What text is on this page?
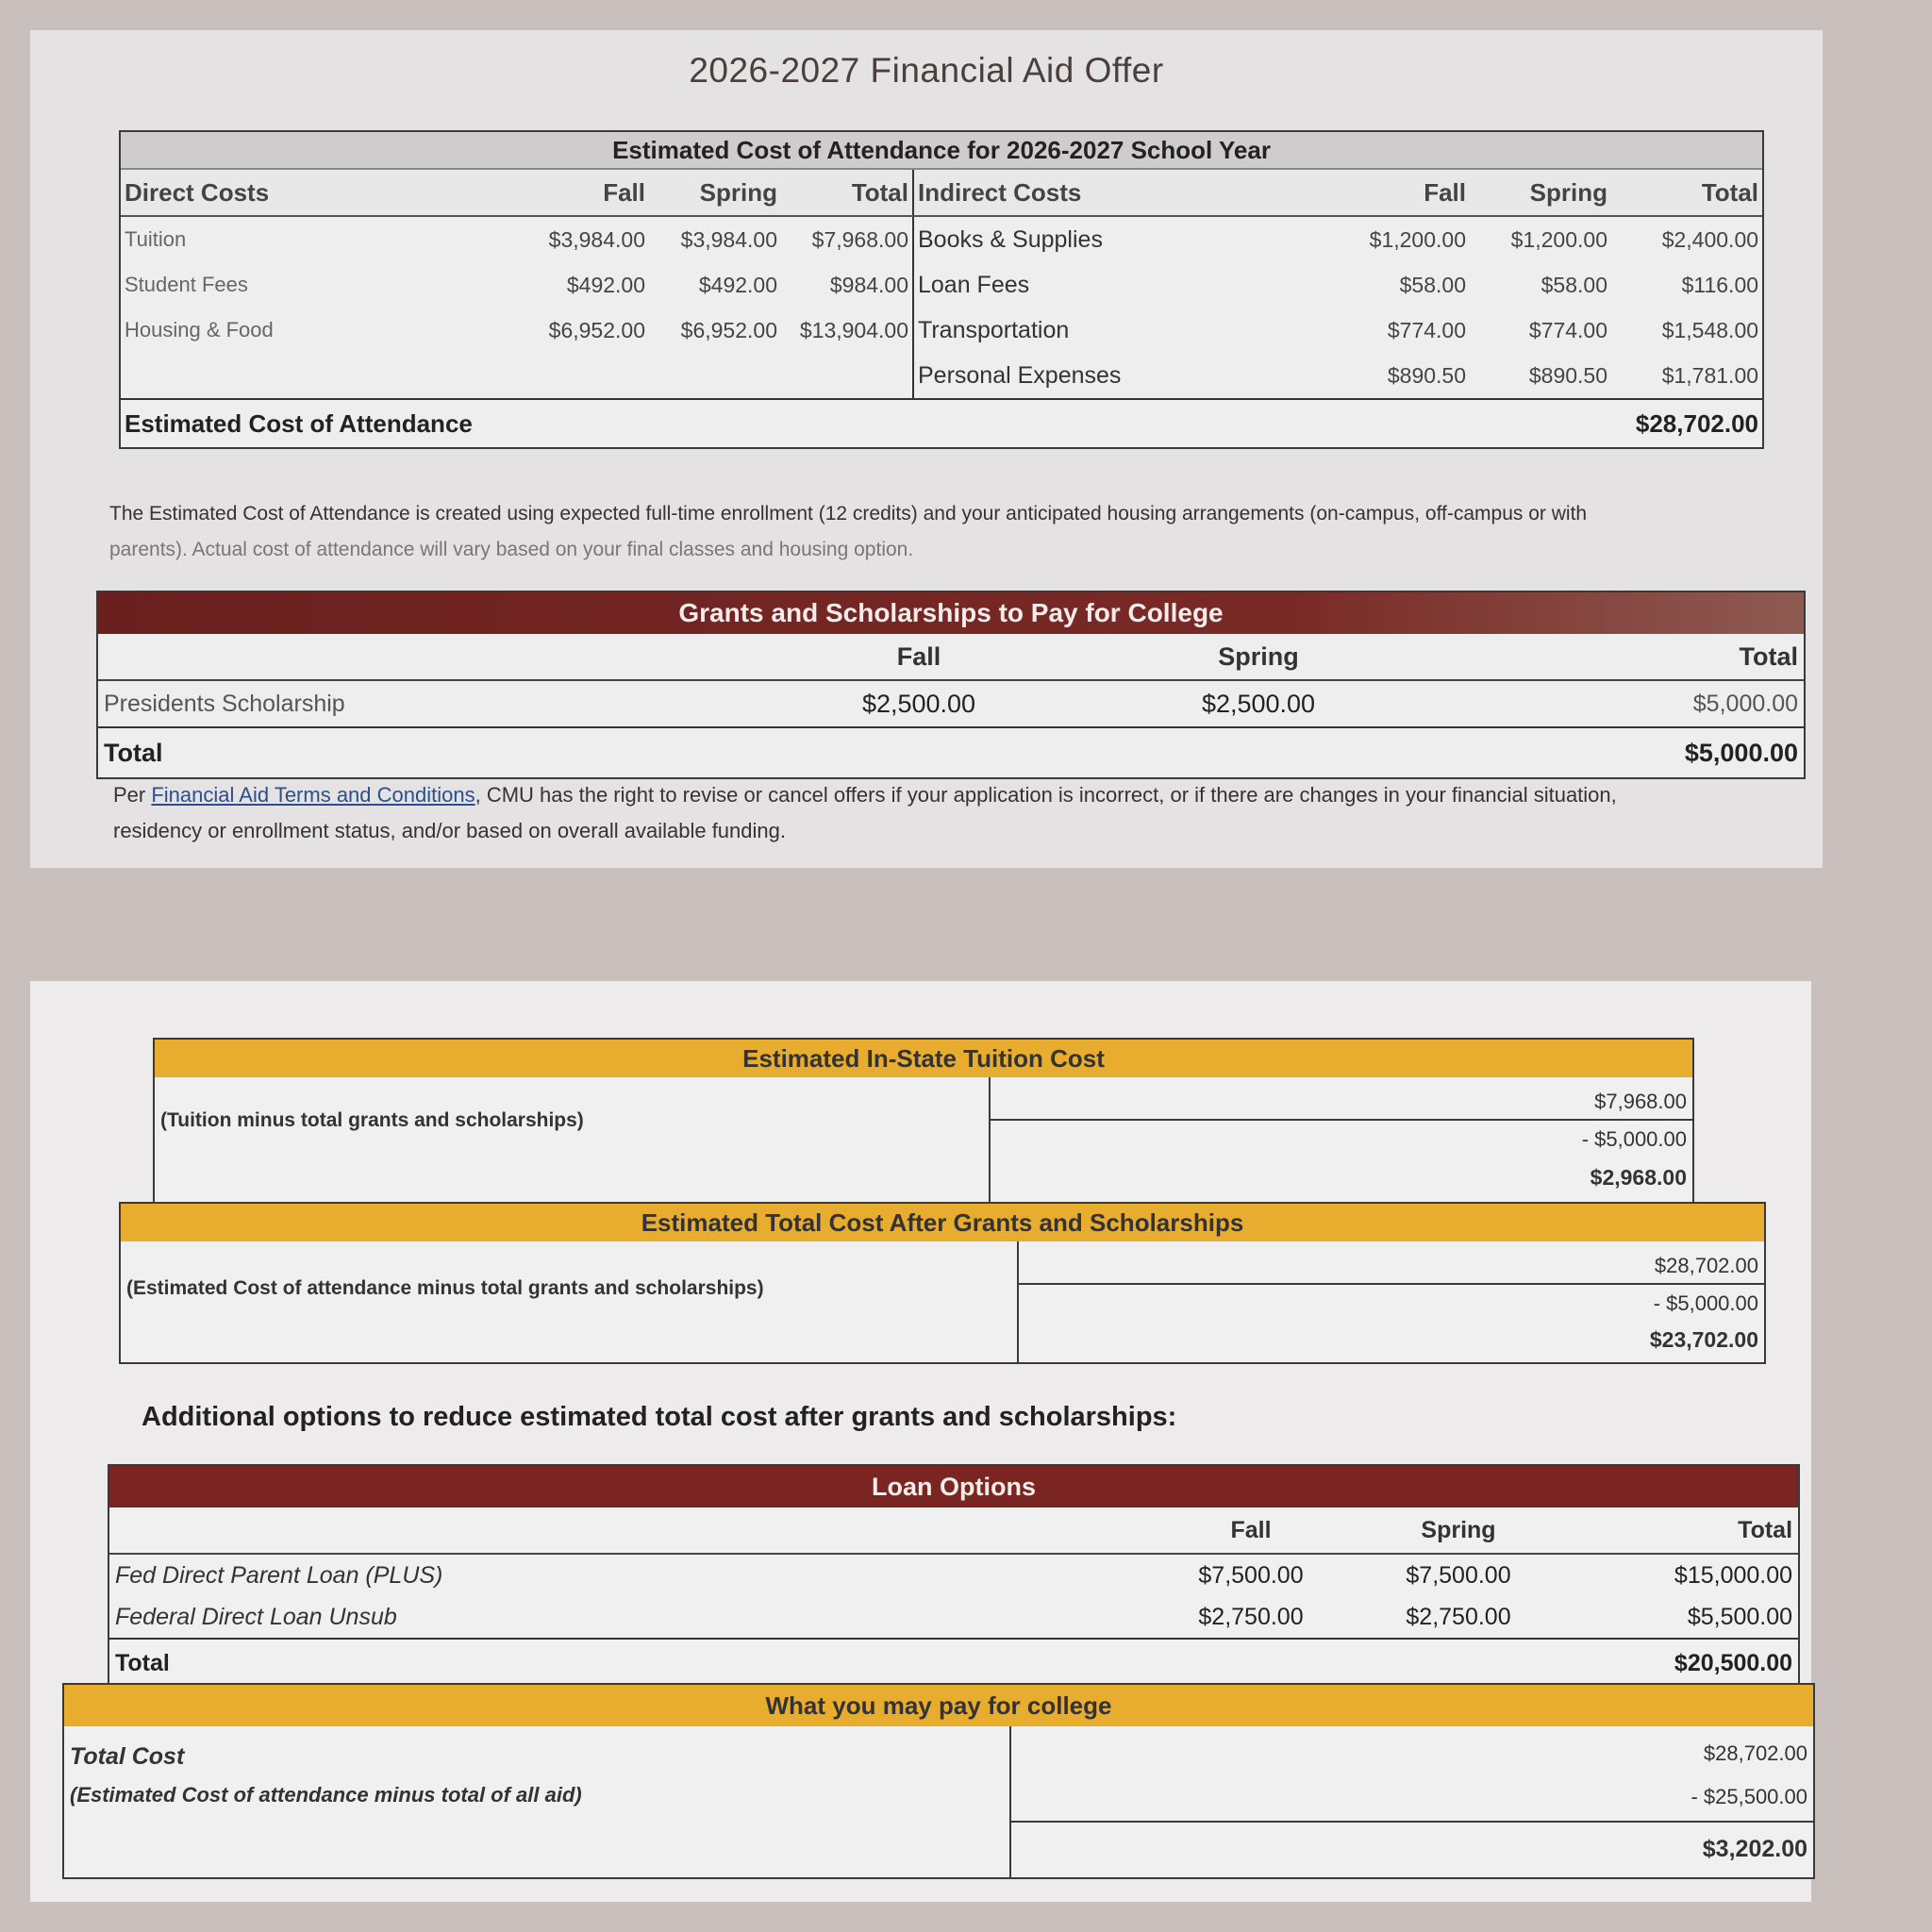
2026-2027 Financial Aid Offer
Estimated Cost of Attendance for 2026-2027 School Year							
Direct Costs	Fall	Spring	Total	Indirect Costs	Fall	Spring	Total
Tuition	$3,984.00	$3,984.00	$7,968.00	Books & Supplies	$1,200.00	$1,200.00	$2,400.00
Student Fees	$492.00	$492.00	$984.00	Loan Fees	$58.00	$58.00	$116.00
Housing & Food	$6,952.00	$6,952.00	$13,904.00	Transportation	$774.00	$774.00	$1,548.00
				Personal Expenses	$890.50	$890.50	$1,781.00
Estimated Cost of Attendance				$28,702.00			
The Estimated Cost of Attendance is created using expected full-time enrollment (12 credits) and your anticipated housing arrangements (on-campus, off-campus or with
parents). Actual cost of attendance will vary based on your final classes and housing option.
Grants and Scholarships to Pay for College			
	Fall	Spring	Total
Presidents Scholarship	$2,500.00	$2,500.00	$5,000.00
Total			$5,000.00
Per Financial Aid Terms and Conditions, CMU has the right to revise or cancel offers if your application is incorrect, or if there are changes in your financial situation,
residency or enrollment status, and/or based on overall available funding.
Estimated In-State Tuition Cost
(Tuition minus total grants and scholarships)
$7,968.00
- $5,000.00
$2,968.00
Estimated Total Cost After Grants and Scholarships
(Estimated Cost of attendance minus total grants and scholarships)
$28,702.00
- $5,000.00
$23,702.00
Additional options to reduce estimated total cost after grants and scholarships:
Loan Options			
	Fall	Spring	Total
Fed Direct Parent Loan (PLUS)	$7,500.00	$7,500.00	$15,000.00
Federal Direct Loan Unsub	$2,750.00	$2,750.00	$5,500.00
Total			$20,500.00
What you may pay for college
Total Cost
(Estimated Cost of attendance minus total of all aid)
$28,702.00
- $25,500.00
$3,202.00
